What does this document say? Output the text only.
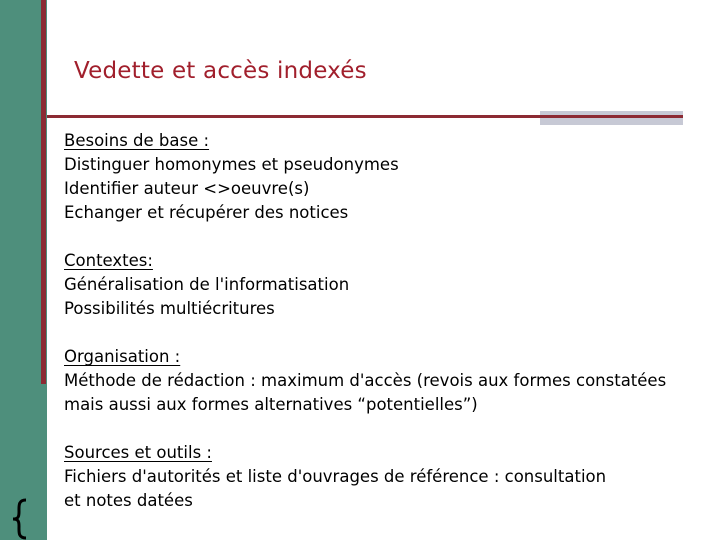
Vedette et accès indexés
Besoins de base :
Distinguer homonymes et pseudonymes
Identifier auteur <>oeuvre(s)
Echanger et récupérer des notices
Contextes:
Généralisation de l'informatisation
Possibilités multiécritures
Organisation :
Méthode de rédaction : maximum d'accès (revois aux formes constatées mais aussi aux formes alternatives “potentielles”)
Sources et outils :
Fichiers d'autorités et liste d'ouvrages de référence : consultation et notes datées
